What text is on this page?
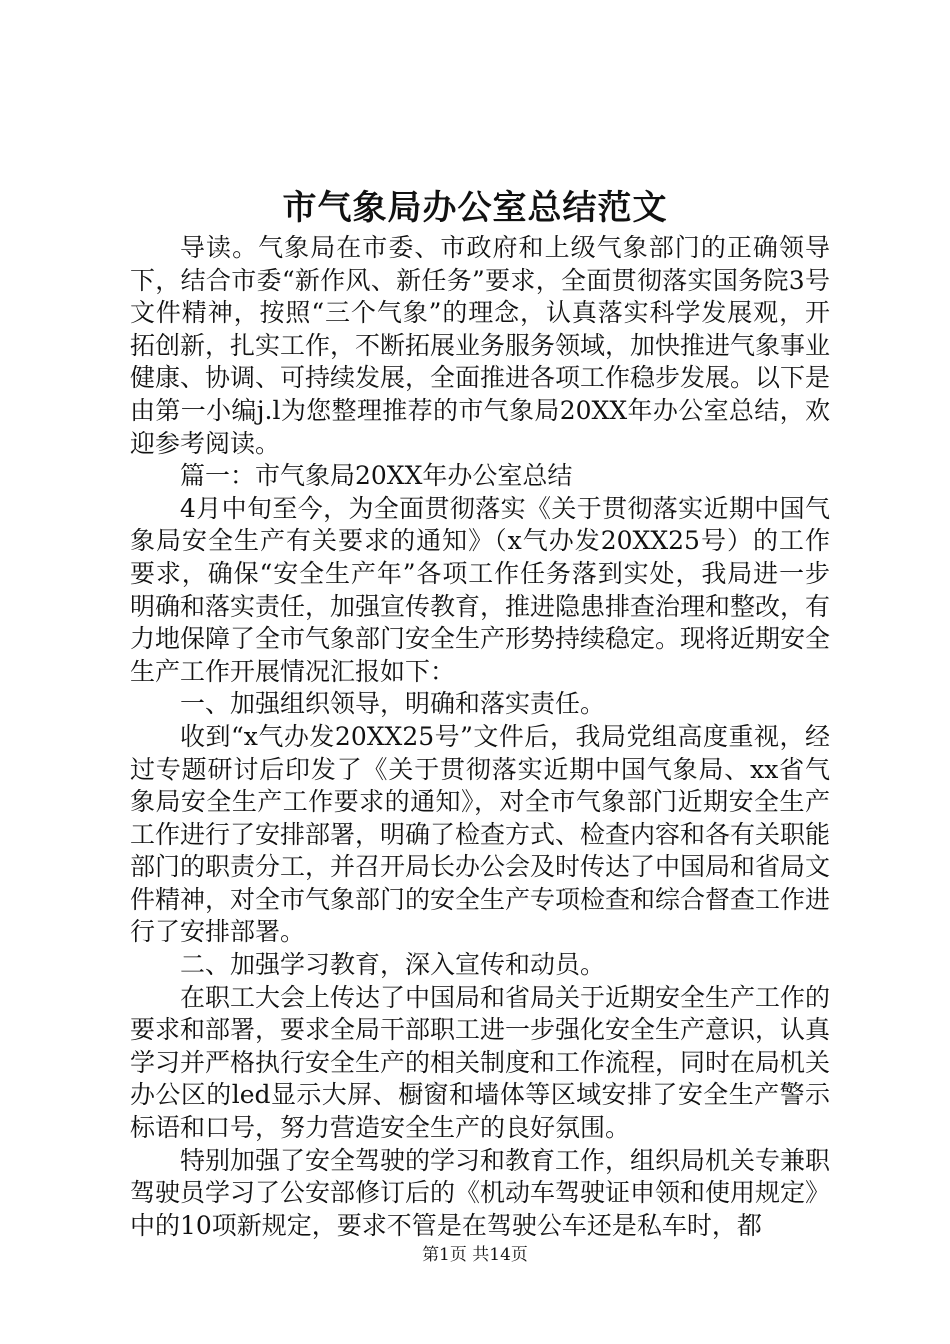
市气象局办公室总结范文

导读。气象局在市委、市政府和上级气象部门的正确领导下，结合市委“新作风、新任务”要求，全面贯彻落实国务院3号文件精神，按照“三个气象”的理念，认真落实科学发展观，开拓创新，扎实工作，不断拓展业务服务领域，加快推进气象事业健康、协调、可持续发展，全面推进各项工作稳步发展。以下是由第一小编j.l为您整理推荐的市气象局20XX年办公室总结，欢迎参考阅读。

篇一：市气象局20XX年办公室总结

4月中旬至今，为全面贯彻落实《关于贯彻落实近期中国气象局安全生产有关要求的通知》（x气办发20XX25号）的工作要求，确保“安全生产年”各项工作任务落到实处，我局进一步明确和落实责任，加强宣传教育，推进隐患排查治理和整改，有力地保障了全市气象部门安全生产形势持续稳定。现将近期安全生产工作开展情况汇报如下：

一、加强组织领导，明确和落实责任。

收到“x气办发20XX25号”文件后，我局党组高度重视，经过专题研讨后印发了《关于贯彻落实近期中国气象局、xx省气象局安全生产工作要求的通知》，对全市气象部门近期安全生产工作进行了安排部署，明确了检查方式、检查内容和各有关职能部门的职责分工，并召开局长办公会及时传达了中国局和省局文件精神，对全市气象部门的安全生产专项检查和综合督查工作进行了安排部署。

二、加强学习教育，深入宣传和动员。

在职工大会上传达了中国局和省局关于近期安全生产工作的要求和部署，要求全局干部职工进一步强化安全生产意识，认真学习并严格执行安全生产的相关制度和工作流程，同时在局机关办公区的led显示大屏、橱窗和墙体等区域安排了安全生产警示标语和口号，努力营造安全生产的良好氛围。

特别加强了安全驾驶的学习和教育工作，组织局机关专兼职驾驶员学习了公安部修订后的《机动车驾驶证申领和使用规定》中的10项新规定，要求不管是在驾驶公车还是私车时，都

第1页 共14页
